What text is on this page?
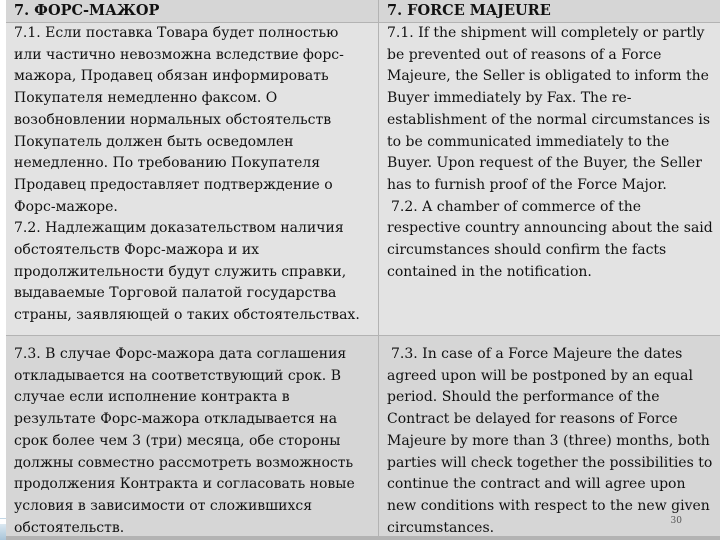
7. ФОРС-МАЖОР	7. FORCE MAJEURE

7.1. Если поставка Товара будет полностью или частично невозможна вследствие форс-мажора, Продавец обязан информировать Покупателя немедленно факсом. О возобновлении нормальных обстоятельств Покупатель должен быть осведомлен немедленно. По требованию Покупателя Продавец предоставляет подтверждение о Форс-мажоре.

7.2. Надлежащим доказательством наличия обстоятельств Форс-мажора и их продолжительности будут служить справки, выдаваемые Торговой палатой государства страны, заявляющей о таких обстоятельствах.

7.1. If the shipment will completely or partly be prevented out of reasons of a Force Majeure, the Seller is obligated to inform the Buyer immediately by Fax. The re-establishment of the normal circumstances is to be communicated immediately to the Buyer. Upon request of the Buyer, the Seller has to furnish proof of the Force Major.

7.2. A chamber of commerce of the respective country announcing about the said circumstances should confirm the facts contained in the notification.

7.3. В случае Форс-мажора дата соглашения откладывается на соответствующий срок. В случае если исполнение контракта в результате Форс-мажора откладывается на срок более чем 3 (три) месяца, обе стороны должны совместно рассмотреть возможность продолжения Контракта и согласовать новые условия в зависимости от сложившихся обстоятельств.

7.3. In case of a Force Majeure the dates agreed upon will be postponed by an equal period. Should the performance of the Contract be delayed for reasons of Force Majeure by more than 3 (three) months, both parties will check together the possibilities to continue the contract and will agree upon new conditions with respect to the new given circumstances.	30
